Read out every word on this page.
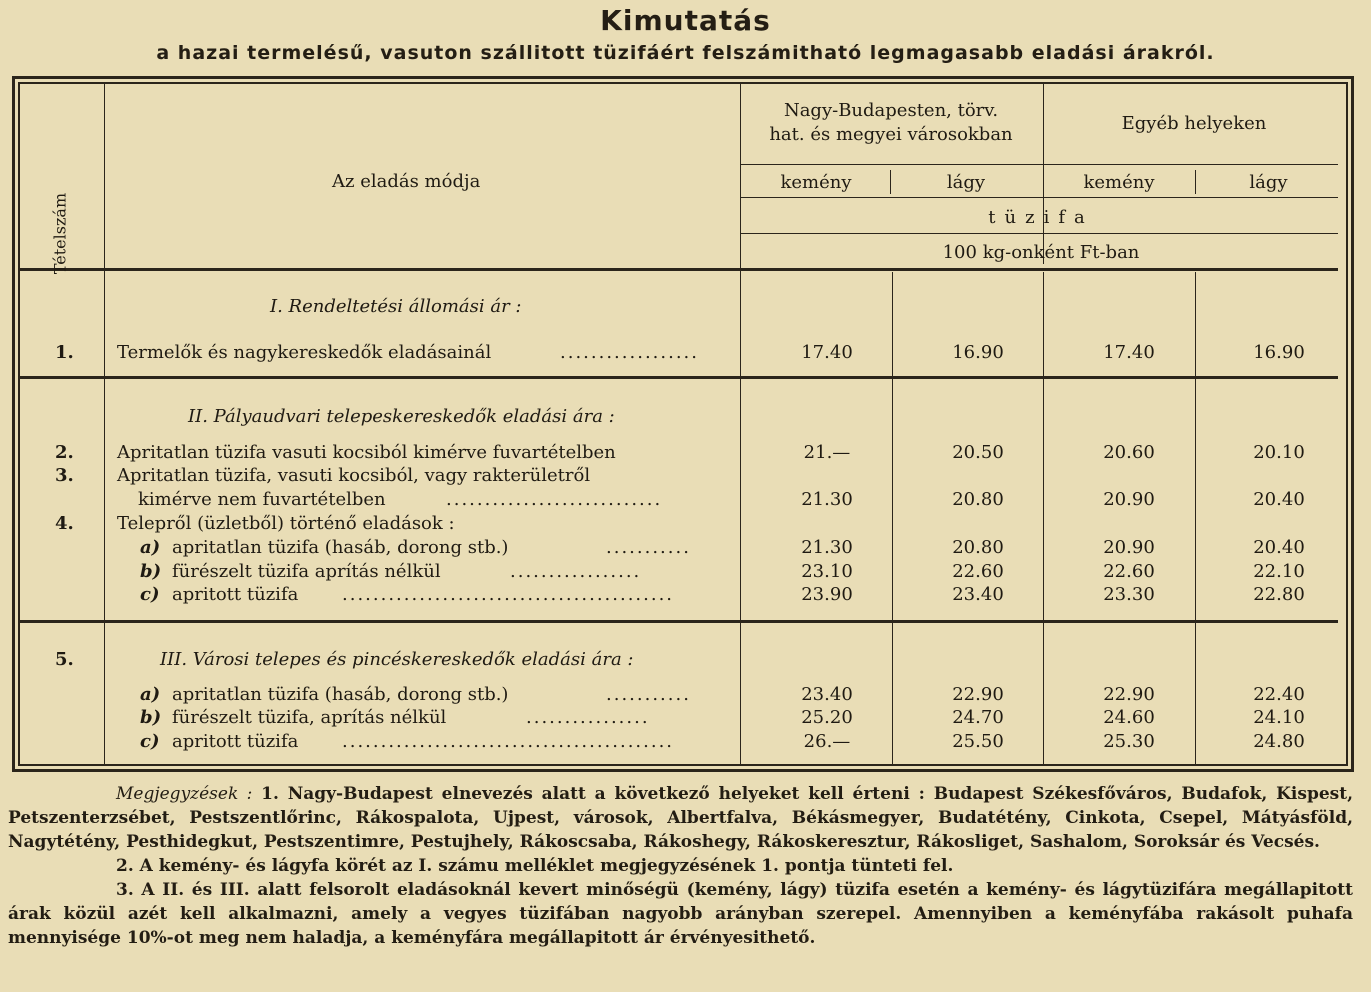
Kimutatás
a hazai termelésű, vasuton szállitott tüzifáért felszámitható legmagasabb eladási árakról.
Tételszám
Az eladás módja
Nagy-Budapesten, törv.
hat. és megyei városokban
Egyéb helyeken
kemény	lágy	kemény	lágy
tüzifa
100 kg-onként Ft-ban
I. Rendeltetési állomási ár :
1. Termelők és nagykereskedők eladásainál	..................	17.40	16.90	17.40	16.90
II. Pályaudvari telepeskereskedők eladási ára :
2. Apritatlan tüzifa vasuti kocsiból kimérve fuvartételben	21.—	20.50	20.60	20.10
3. Apritatlan tüzifa, vasuti kocsiból, vagy rakterületről
kimérve nem fuvartételben	............................	21.30	20.80	20.90	20.40
4. Telepről (üzletből) történő eladások :
a) apritatlan tüzifa (hasáb, dorong stb.)	...........	21.30	20.80	20.90	20.40
b) fürészelt tüzifa aprítás nélkül	.................	23.10	22.60	22.60	22.10
c) apritott tüzifa ...........................................	23.90	23.40	23.30	22.80
5.	III. Városi telepes és pincéskereskedők eladási ára :
a) apritatlan tüzifa (hasáb, dorong stb.)	...........	23.40	22.90	22.90	22.40
b) fürészelt tüzifa, aprítás nélkül	................	25.20	24.70	24.60	24.10
c) apritott tüzifa ...........................................	26.—	25.50	25.30	24.80

Megjegyzések : 1. Nagy-Budapest elnevezés alatt a következő helyeket kell érteni : Budapest Székesfőváros, Budafok, Kispest, Petszenterzsébet, Pestszentlőrinc, Rákospalota, Ujpest, városok, Albertfalva, Békásmegyer, Budatétény, Cinkota, Csepel, Mátyásföld, Nagytétény, Pesthidegkut, Pestszentimre, Pestujhely, Rákoscsaba, Rákoshegy, Rákoskeresztur, Rákosliget, Sashalom, Soroksár és Vecsés.

2. A kemény- és lágyfa körét az I. számu melléklet megjegyzésének 1. pontja tünteti fel.

3. A II. és III. alatt felsorolt eladásoknál kevert minőségü (kemény, lágy) tüzifa esetén a kemény- és lágytüzifára megállapitott árak közül azét kell alkalmazni, amely a vegyes tüzifában nagyobb arányban szerepel. Amennyiben a keményfába rakásolt puhafa mennyisége 10%-ot meg nem haladja, a keményfára megállapitott ár érvényesithető.
